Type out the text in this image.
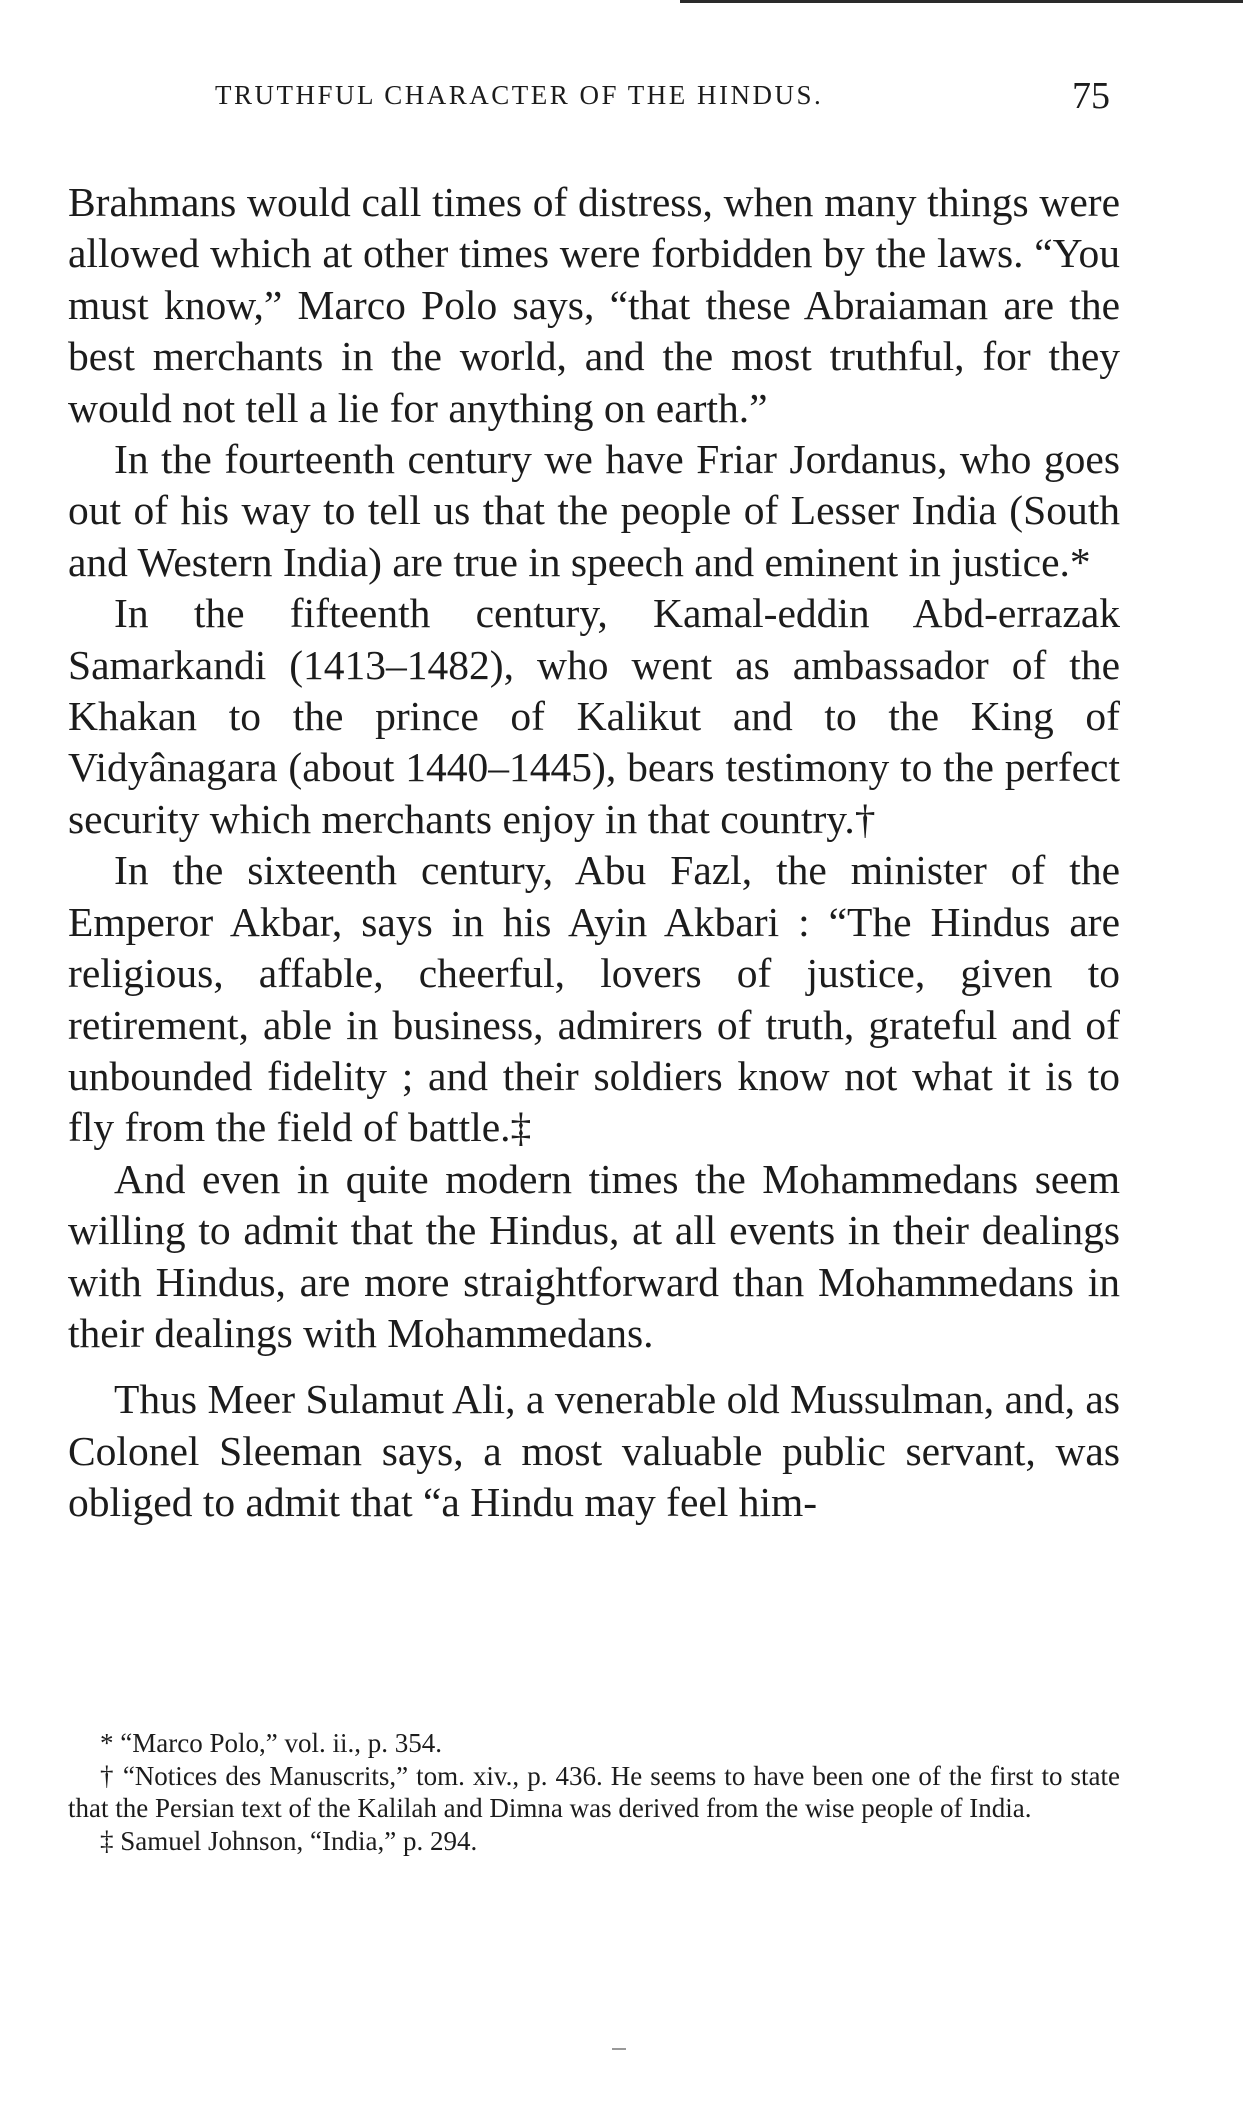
TRUTHFUL CHARACTER OF THE HINDUS.	75

Brahmans would call times of distress, when many things were allowed which at other times were forbidden by the laws. “You must know,” Marco Polo says, “that these Abraiaman are the best merchants in the world, and the most truthful, for they would not tell a lie for anything on earth.”

In the fourteenth century we have Friar Jordanus, who goes out of his way to tell us that the people of Lesser India (South and Western India) are true in speech and eminent in justice.*

In the fifteenth century, Kamal-eddin Abd-errazak Samarkandi (1413–1482), who went as ambassador of the Khakan to the prince of Kalikut and to the King of Vidyânagara (about 1440–1445), bears testimony to the perfect security which merchants enjoy in that country.†

In the sixteenth century, Abu Fazl, the minister of the Emperor Akbar, says in his Ayin Akbari : “The Hindus are religious, affable, cheerful, lovers of justice, given to retirement, able in business, admirers of truth, grateful and of unbounded fidelity ; and their soldiers know not what it is to fly from the field of battle.‡

And even in quite modern times the Mohammedans seem willing to admit that the Hindus, at all events in their dealings with Hindus, are more straightforward than Mohammedans in their dealings with Mohammedans.

Thus Meer Sulamut Ali, a venerable old Mussulman, and, as Colonel Sleeman says, a most valuable public servant, was obliged to admit that “a Hindu may feel him-

* “Marco Polo,” vol. ii., p. 354.

† “Notices des Manuscrits,” tom. xiv., p. 436. He seems to have been one of the first to state that the Persian text of the Kalilah and Dimna was derived from the wise people of India.

‡ Samuel Johnson, “India,” p. 294.
